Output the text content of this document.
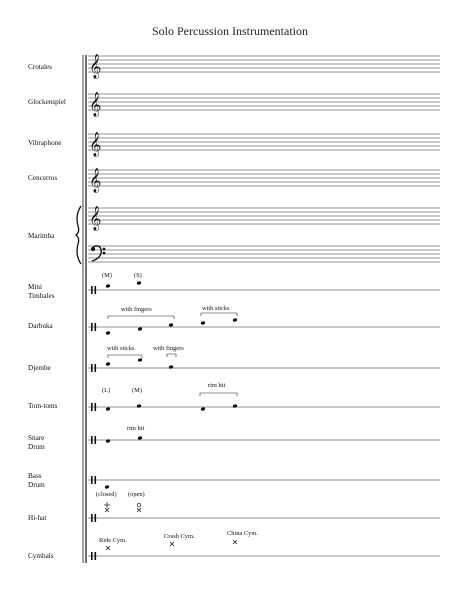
Solo Percussion Instrumentation
Crotales
Glockenspiel
Vibraphone
Cencerros
Marimba
Mini
Timbales
Darbuka
Djembe
Tom-toms
Snare
Drum
Bass
Drum
Hi-hat
Cymbals
𝄞
𝄞
𝄞
𝄞
𝄞
(M)	(S)
with fingers	with sticks
with sticks	with fingers
(L)	(M)
rim hit
rim hit
(closed) (open)
Ride Cym.
Crash Cym.	China Cym.
